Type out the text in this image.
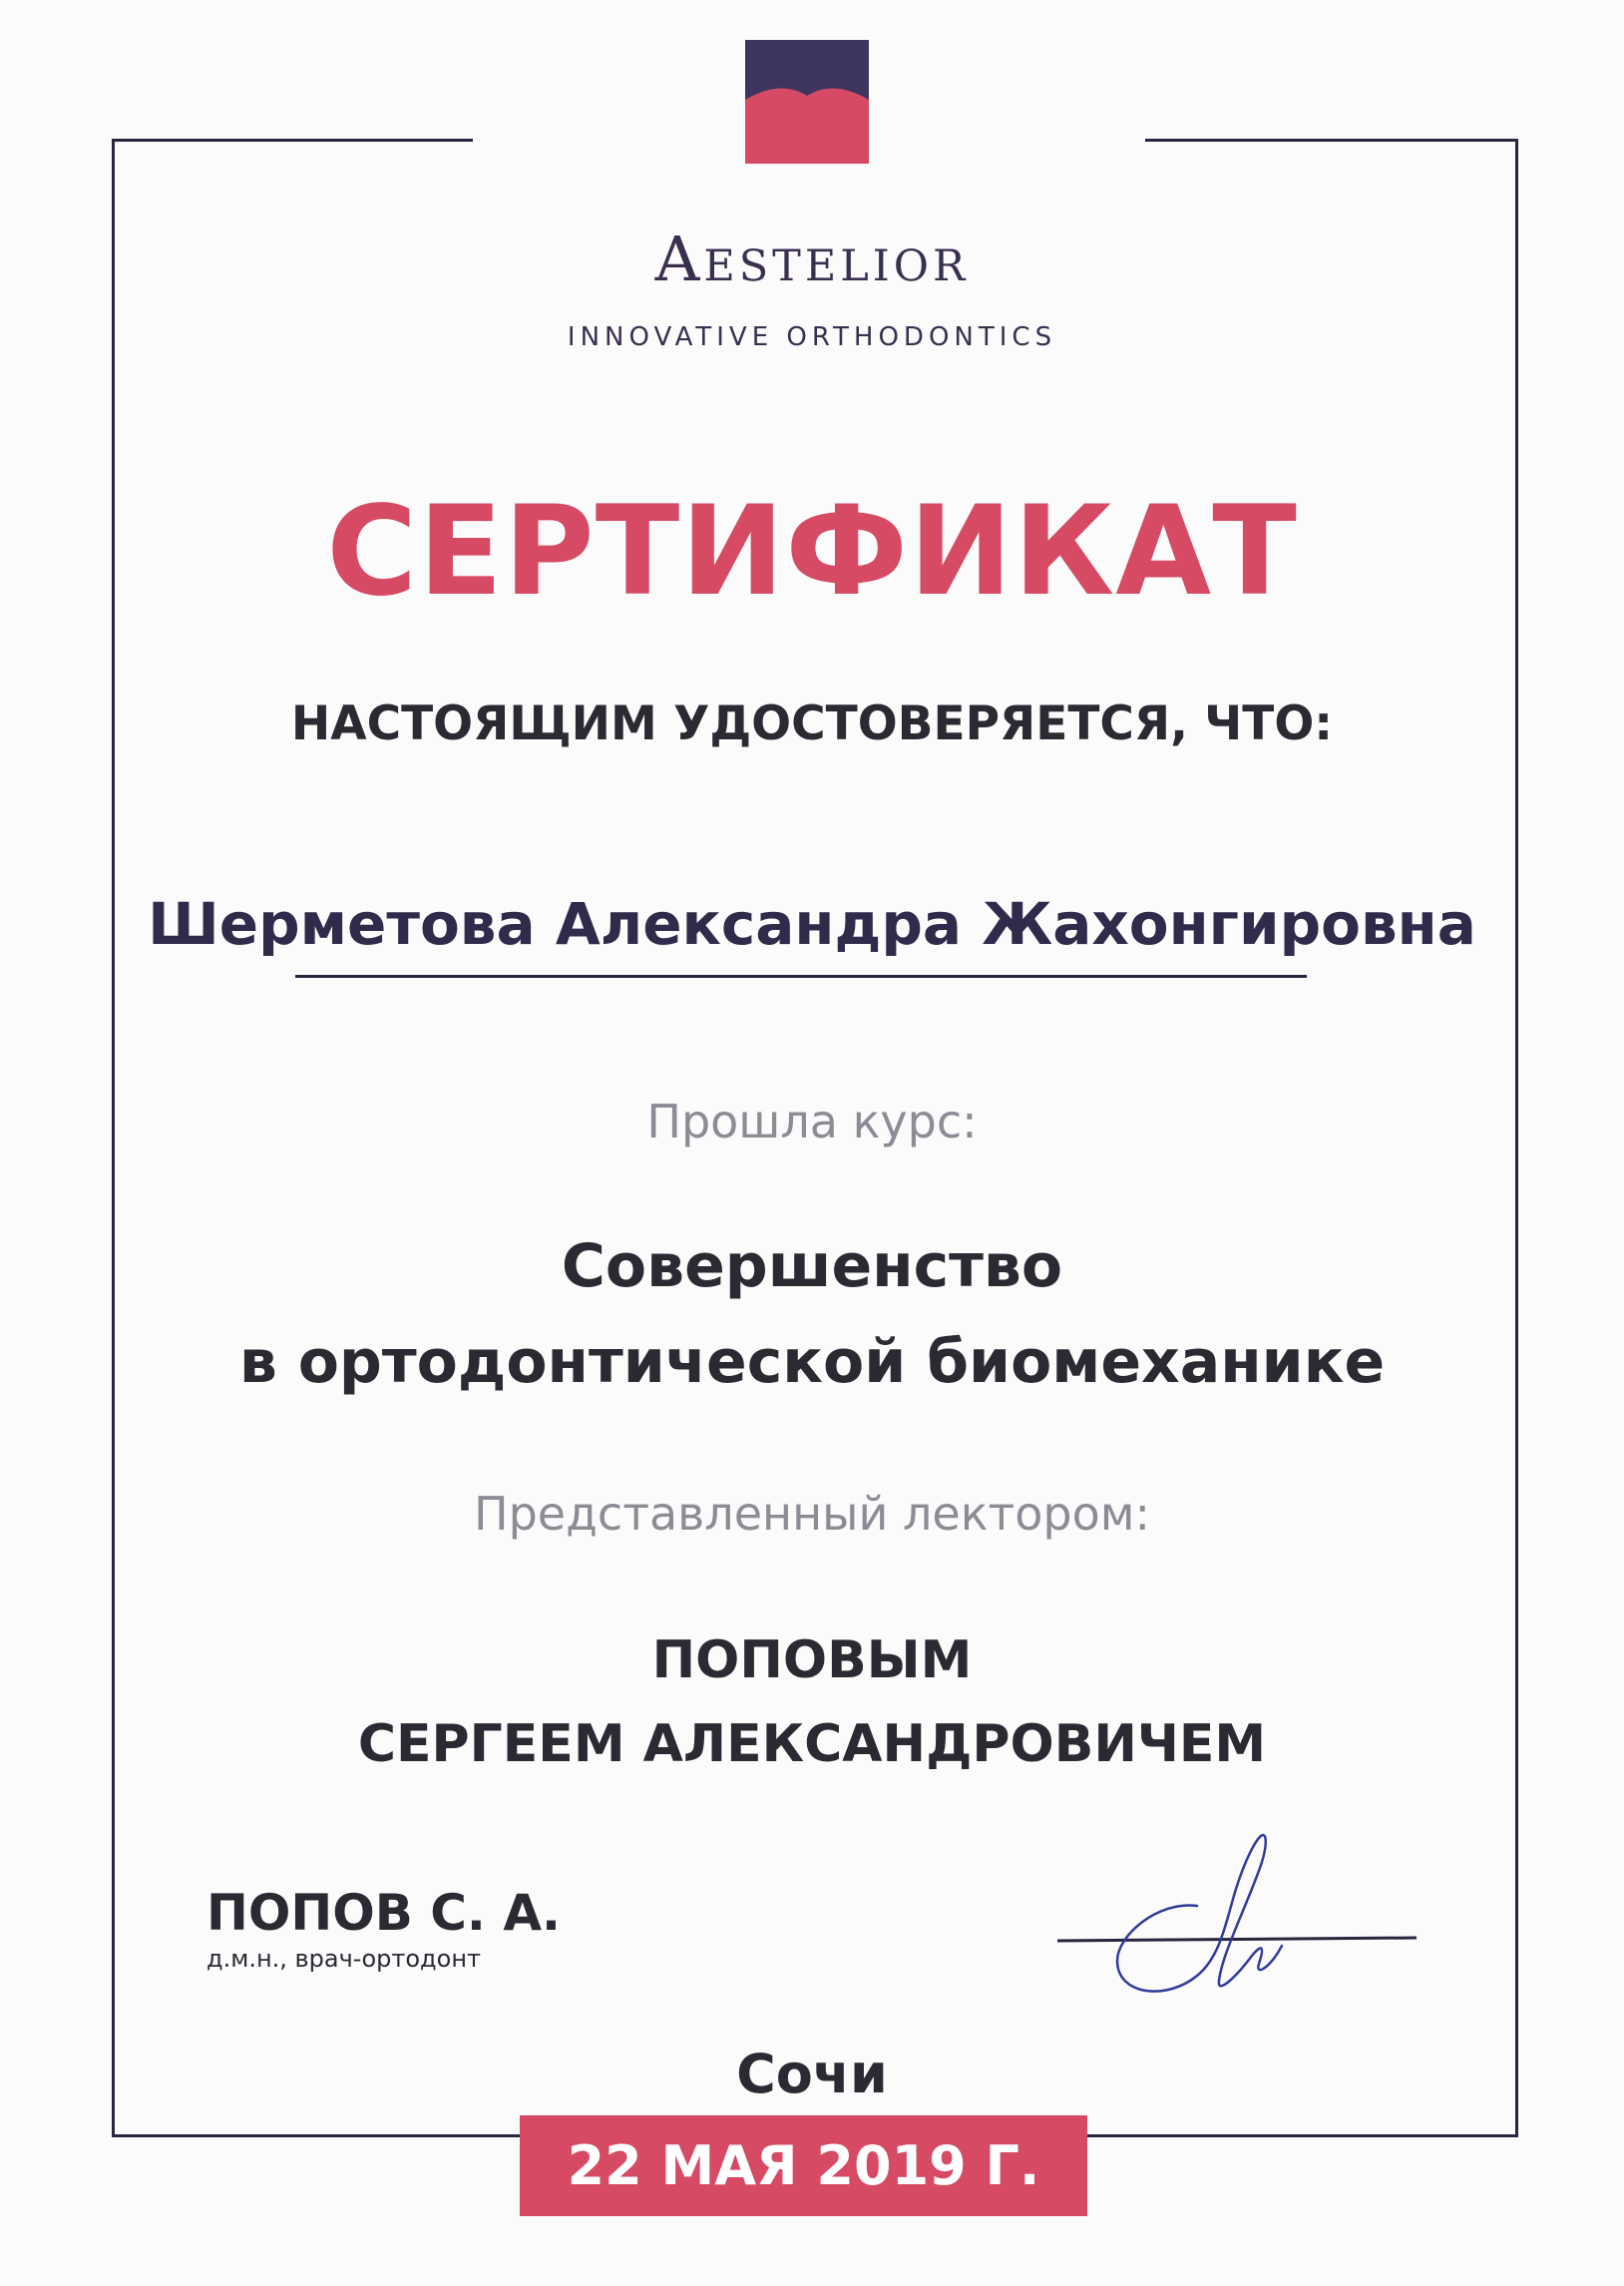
Aestelior
INNOVATIVE ORTHODONTICS
СЕРТИФИКАТ
НАСТОЯЩИМ УДОСТОВЕРЯЕТСЯ, ЧТО:
Шерметова Александра Жахонгировна
Прошла курс:
Совершенство
в ортодонтической биомеханике
Представленный лектором:
ПОПОВЫМ
СЕРГЕЕМ АЛЕКСАНДРОВИЧЕМ
ПОПОВ С. А.
д.м.н., врач-ортодонт
Сочи
22 МАЯ 2019 Г.
